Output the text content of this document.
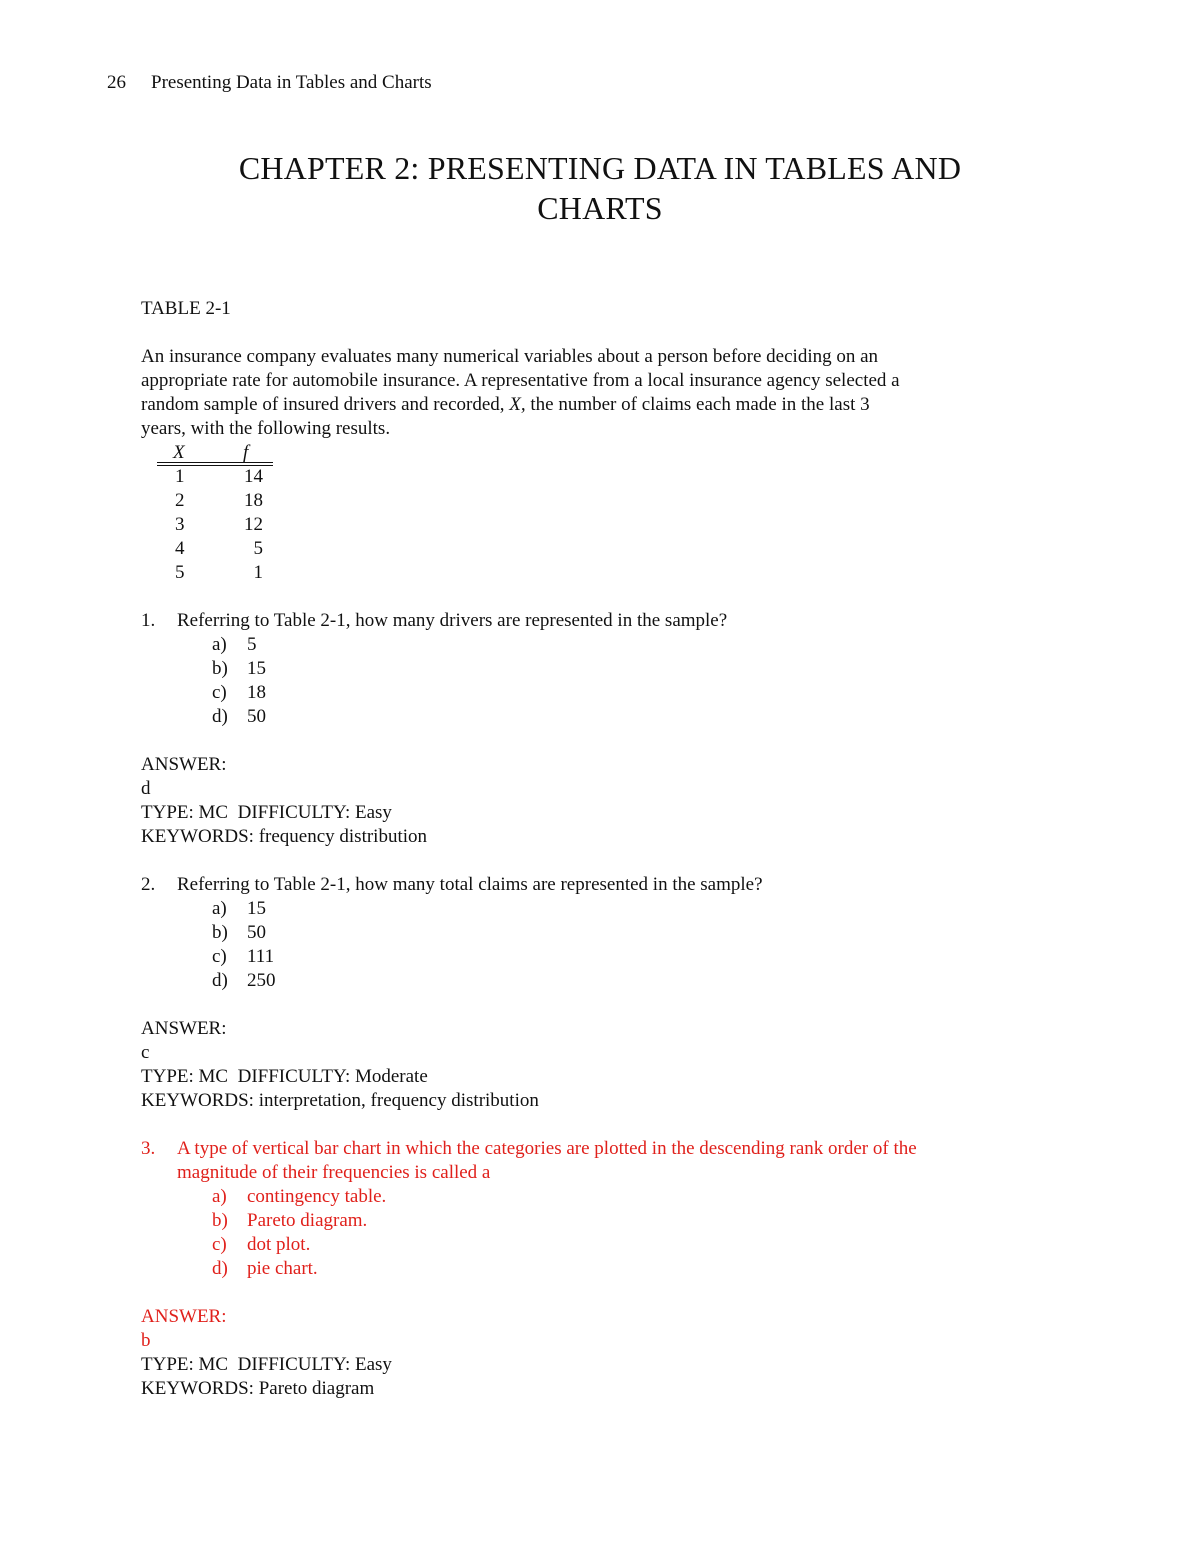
26 Presenting Data in Tables and Charts
CHAPTER 2: PRESENTING DATA IN TABLES AND
CHARTS
TABLE 2-1
An insurance company evaluates many numerical variables about a person before deciding on an
appropriate rate for automobile insurance. A representative from a local insurance agency selected a
random sample of insured drivers and recorded, X, the number of claims each made in the last 3
years, with the following results.
X	f
1	14
2	18
3	12
4	5
5	1
1.	Referring to Table 2-1, how many drivers are represented in the sample?
a)	5
b)	15
c)	18
d)	50
ANSWER:
d
TYPE: MC  DIFFICULTY: Easy
KEYWORDS: frequency distribution
2.	Referring to Table 2-1, how many total claims are represented in the sample?
a)	15
b)	50
c)	111
d)	250
ANSWER:
c
TYPE: MC  DIFFICULTY: Moderate
KEYWORDS: interpretation, frequency distribution
3.	A type of vertical bar chart in which the categories are plotted in the descending rank order of the
magnitude of their frequencies is called a
a)	contingency table.
b)	Pareto diagram.
c)	dot plot.
d)	pie chart.
ANSWER:
b
TYPE: MC  DIFFICULTY: Easy
KEYWORDS: Pareto diagram
